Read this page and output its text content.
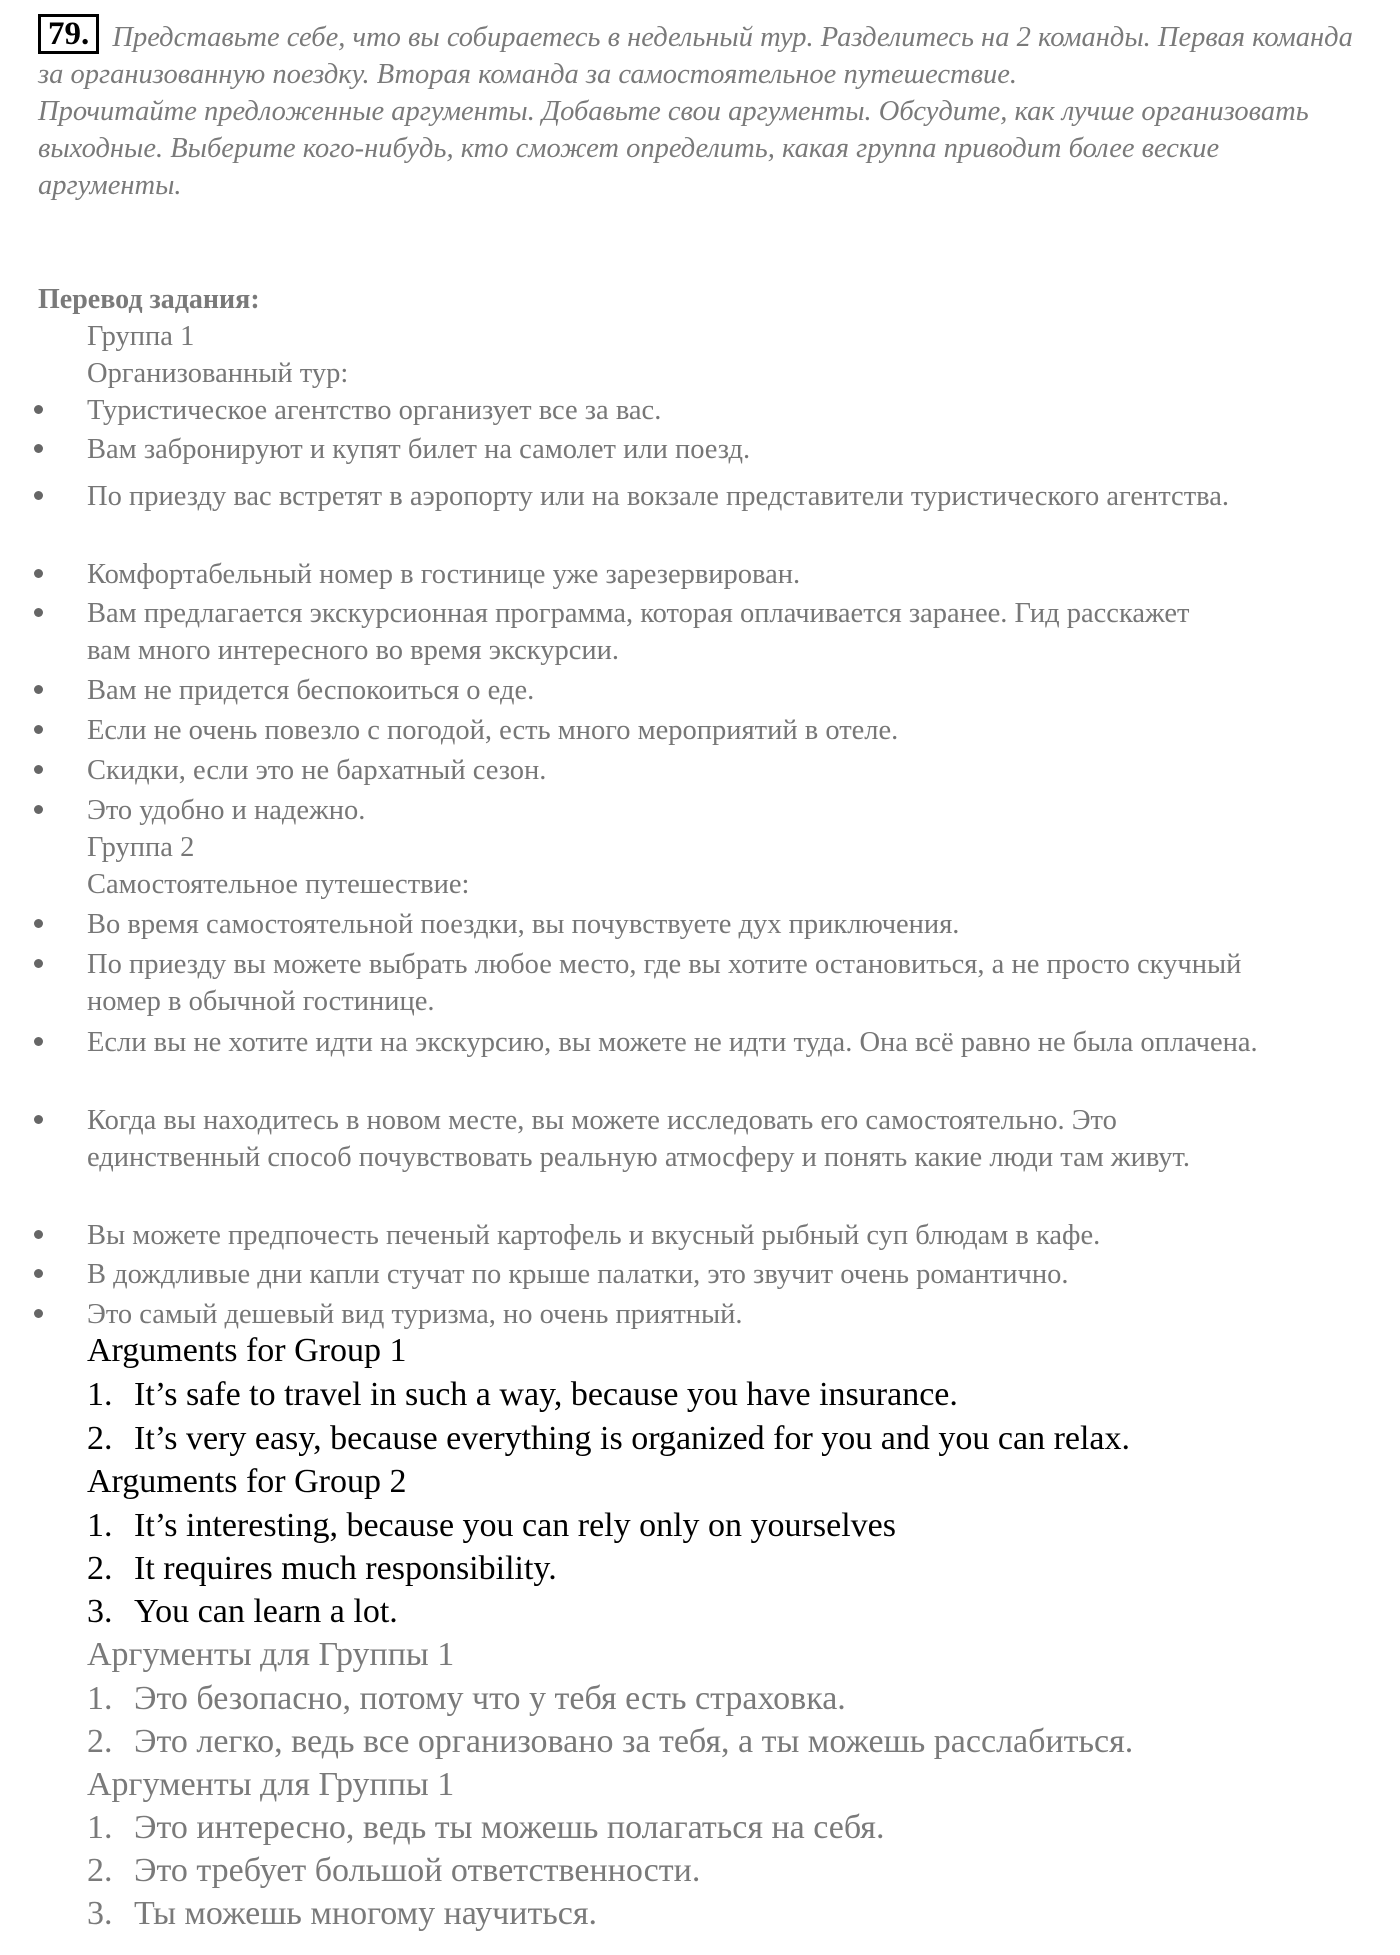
79. Представьте себе, что вы собираетесь в недельный тур. Разделитесь на 2 команды. Первая команда за организованную поездку. Вторая команда за самостоятельное путешествие.
Прочитайте предложенные аргументы. Добавьте свои аргументы. Обсудите, как лучше организовать выходные. Выберите кого-нибудь, кто сможет определить, какая группа приводит более веские аргументы.
Перевод задания:
Группа 1
Организованный тур:
Туристическое агентство организует все за вас.
Вам забронируют и купят билет на самолет или поезд.
По приезду вас встретят в аэропорту или на вокзале представители туристического агентства.
Комфортабельный номер в гостинице уже зарезервирован.
Вам предлагается экскурсионная программа, которая оплачивается заранее. Гид расскажет вам много интересного во время экскурсии.
Вам не придется беспокоиться о еде.
Если не очень повезло с погодой, есть много мероприятий в отеле.
Скидки, если это не бархатный сезон.
Это удобно и надежно.
Группа 2
Самостоятельное путешествие:
Во время самостоятельной поездки, вы почувствуете дух приключения.
По приезду вы можете выбрать любое место, где вы хотите остановиться, а не просто скучный номер в обычной гостинице.
Если вы не хотите идти на экскурсию, вы можете не идти туда. Она всё равно не была оплачена.
Когда вы находитесь в новом месте, вы можете исследовать его самостоятельно. Это единственный способ почувствовать реальную атмосферу и понять какие люди там живут.
Вы можете предпочесть печеный картофель и вкусный рыбный суп блюдам в кафе.
В дождливые дни капли стучат по крыше палатки, это звучит очень романтично.
Это самый дешевый вид туризма, но очень приятный.
Arguments for Group 1
1. It’s safe to travel in such a way, because you have insurance.
2. It’s very easy, because everything is organized for you and you can relax.
Arguments for Group 2
1. It’s interesting, because you can rely only on yourselves
2. It requires much responsibility.
3. You can learn a lot.
Аргументы для Группы 1
1. Это безопасно, потому что у тебя есть страховка.
2. Это легко, ведь все организовано за тебя, а ты можешь расслабиться.
Аргументы для Группы 1
1. Это интересно, ведь ты можешь полагаться на себя.
2. Это требует большой ответственности.
3. Ты можешь многому научиться.
